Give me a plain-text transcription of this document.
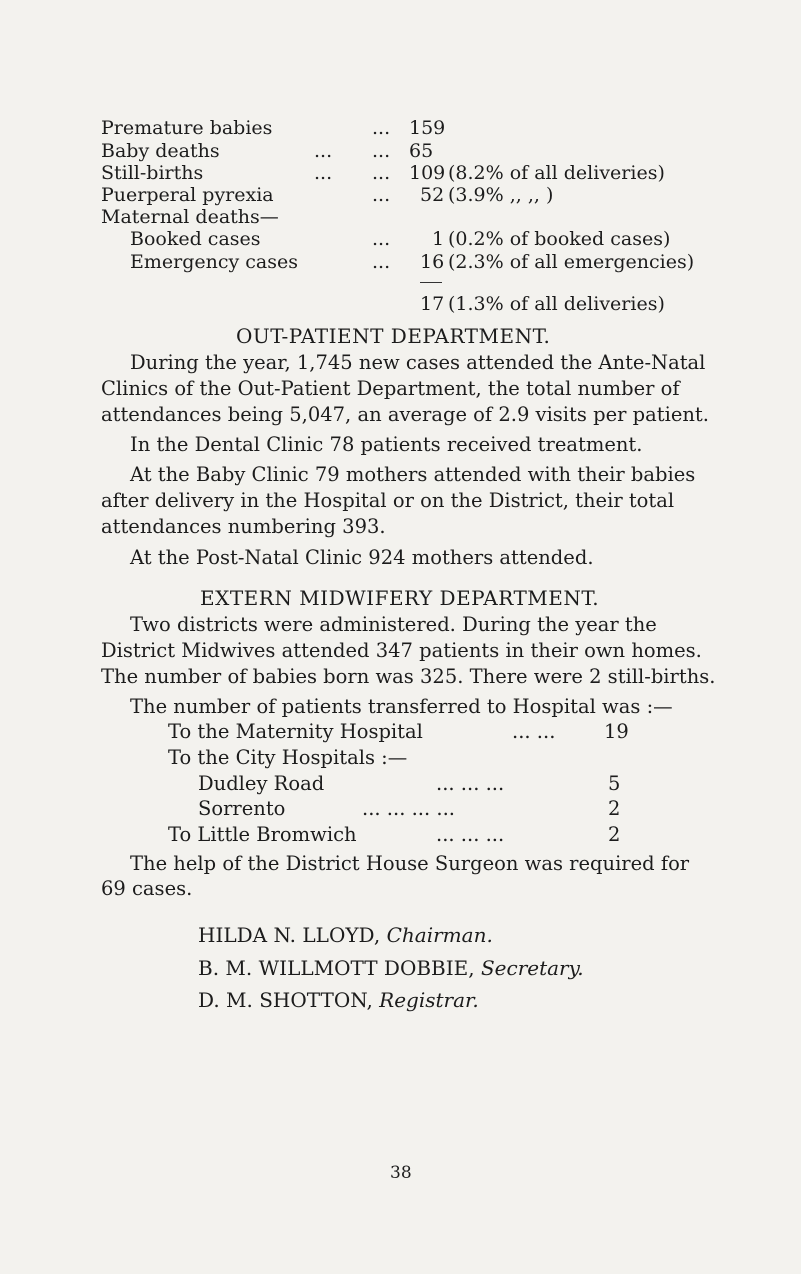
Premature babies	... 159
Baby deaths	... ... 65
Still-births	... ... 109 (8.2% of all deliveries)
Puerperal pyrexia	... 52 (3.9% ,, ,, )
Maternal deaths—
Booked cases	... 1 (0.2% of booked cases)
Emergency cases	... 16 (2.3% of all emergencies)
17 (1.3% of all deliveries)
OUT-PATIENT DEPARTMENT.
During the year, 1,745 new cases attended the Ante-Natal
Clinics of the Out-Patient Department, the total number of
attendances being 5,047, an average of 2.9 visits per patient.
In the Dental Clinic 78 patients received treatment.
At the Baby Clinic 79 mothers attended with their babies
after delivery in the Hospital or on the District, their total
attendances numbering 393.
At the Post-Natal Clinic 924 mothers attended.
EXTERN MIDWIFERY DEPARTMENT.
Two districts were administered. During the year the
District Midwives attended 347 patients in their own homes.
The number of babies born was 325. There were 2 still-births.
The number of patients transferred to Hospital was :—
To the Maternity Hospital	... ... 19
To the City Hospitals :—
Dudley Road	... ... ...	5
Sorrento	... ... ... ...	2
To Little Bromwich	... ... ...	2
The help of the District House Surgeon was required for
69 cases.
HILDA N. LLOYD, Chairman.
B. M. WILLMOTT DOBBIE, Secretary.
D. M. SHOTTON, Registrar.
38
